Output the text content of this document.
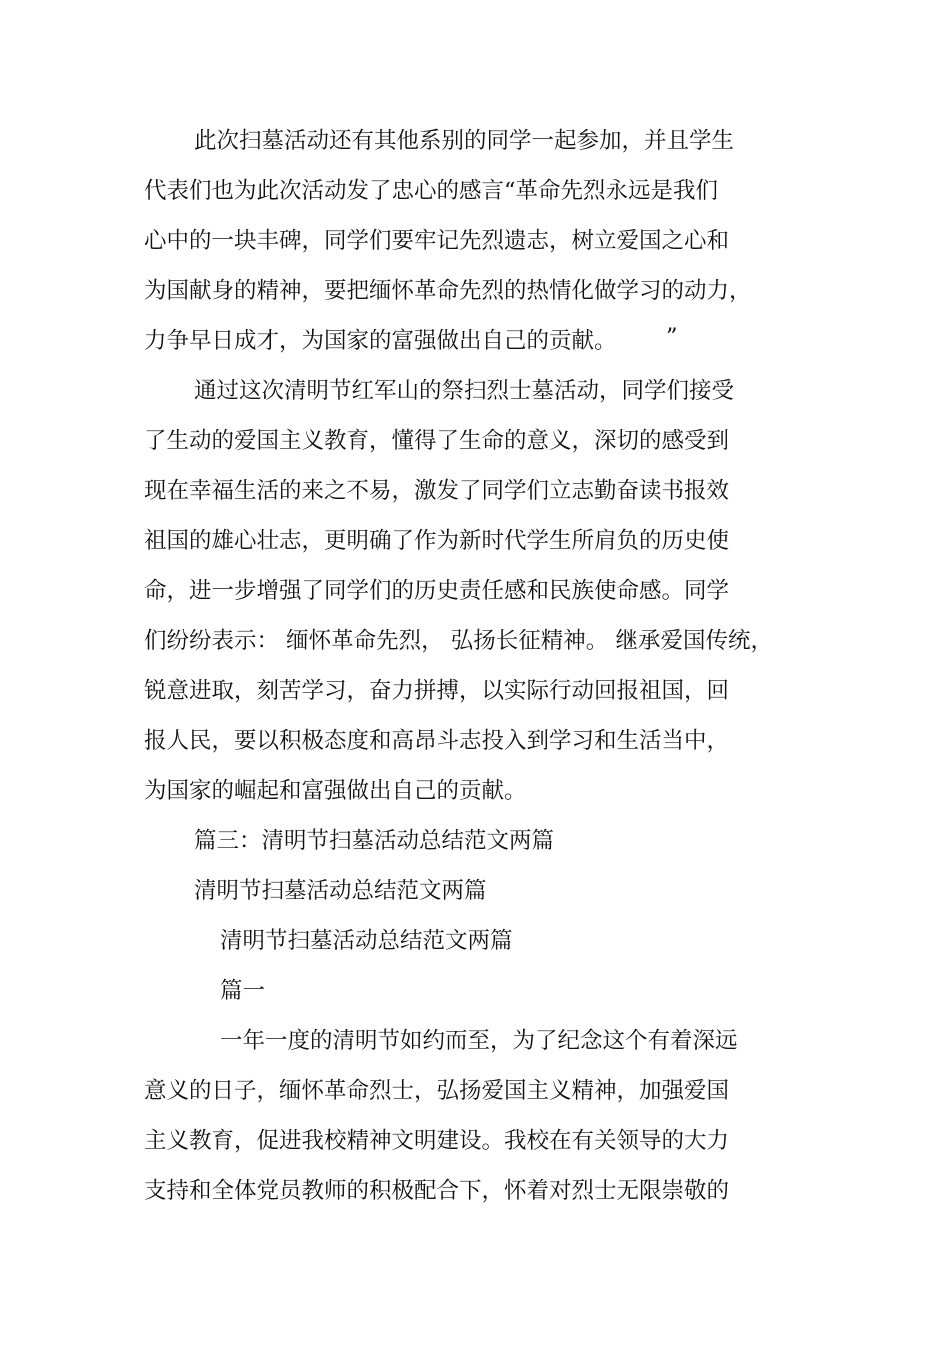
此次扫墓活动还有其他系别的同学一起参加，并且学生

代表们也为此次活动发了忠心的感言“革命先烈永远是我们

心中的一块丰碑，同学们要牢记先烈遗志，树立爱国之心和

为国献身的精神，要把缅怀革命先烈的热情化做学习的动力，

力争早日成才，为国家的富强做出自己的贡献。 ”

通过这次清明节红军山的祭扫烈士墓活动，同学们接受

了生动的爱国主义教育，懂得了生命的意义，深切的感受到

现在幸福生活的来之不易，激发了同学们立志勤奋读书报效

祖国的雄心壮志，更明确了作为新时代学生所肩负的历史使

命，进一步增强了同学们的历史责任感和民族使命感。同学

们纷纷表示： 缅怀革命先烈， 弘扬长征精神。 继承爱国传统，

锐意进取，刻苦学习，奋力拼搏，以实际行动回报祖国，回

报人民，要以积极态度和高昂斗志投入到学习和生活当中，

为国家的崛起和富强做出自己的贡献。

篇三：清明节扫墓活动总结范文两篇

清明节扫墓活动总结范文两篇

清明节扫墓活动总结范文两篇

篇一

一年一度的清明节如约而至，为了纪念这个有着深远

意义的日子，缅怀革命烈士，弘扬爱国主义精神，加强爱国

主义教育，促进我校精神文明建设。我校在有关领导的大力

支持和全体党员教师的积极配合下，怀着对烈士无限崇敬的
